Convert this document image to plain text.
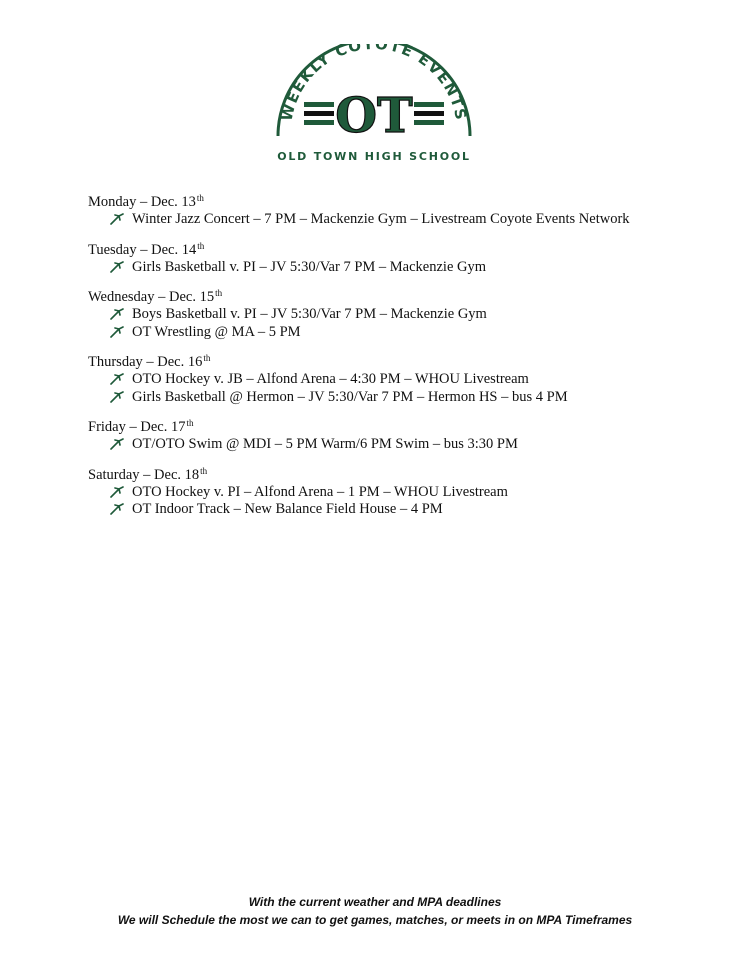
WEEKLY COYOTE EVENTS
OT
OLD TOWN HIGH SCHOOL
Monday – Dec. 13th
Winter Jazz Concert – 7 PM – Mackenzie Gym – Livestream Coyote Events Network
Tuesday – Dec. 14th
Girls Basketball v. PI – JV 5:30/Var 7 PM – Mackenzie Gym
Wednesday – Dec. 15th
Boys Basketball v. PI – JV 5:30/Var 7 PM – Mackenzie Gym
OT Wrestling @ MA – 5 PM
Thursday – Dec. 16th
OTO Hockey v. JB – Alfond Arena – 4:30 PM – WHOU Livestream
Girls Basketball @ Hermon – JV 5:30/Var 7 PM – Hermon HS – bus 4 PM
Friday – Dec. 17th
OT/OTO Swim @ MDI – 5 PM Warm/6 PM Swim – bus 3:30 PM
Saturday – Dec. 18th
OTO Hockey v. PI – Alfond Arena – 1 PM – WHOU Livestream
OT Indoor Track – New Balance Field House – 4 PM
With the current weather and MPA deadlines
We will Schedule the most we can to get games, matches, or meets in on MPA Timeframes
